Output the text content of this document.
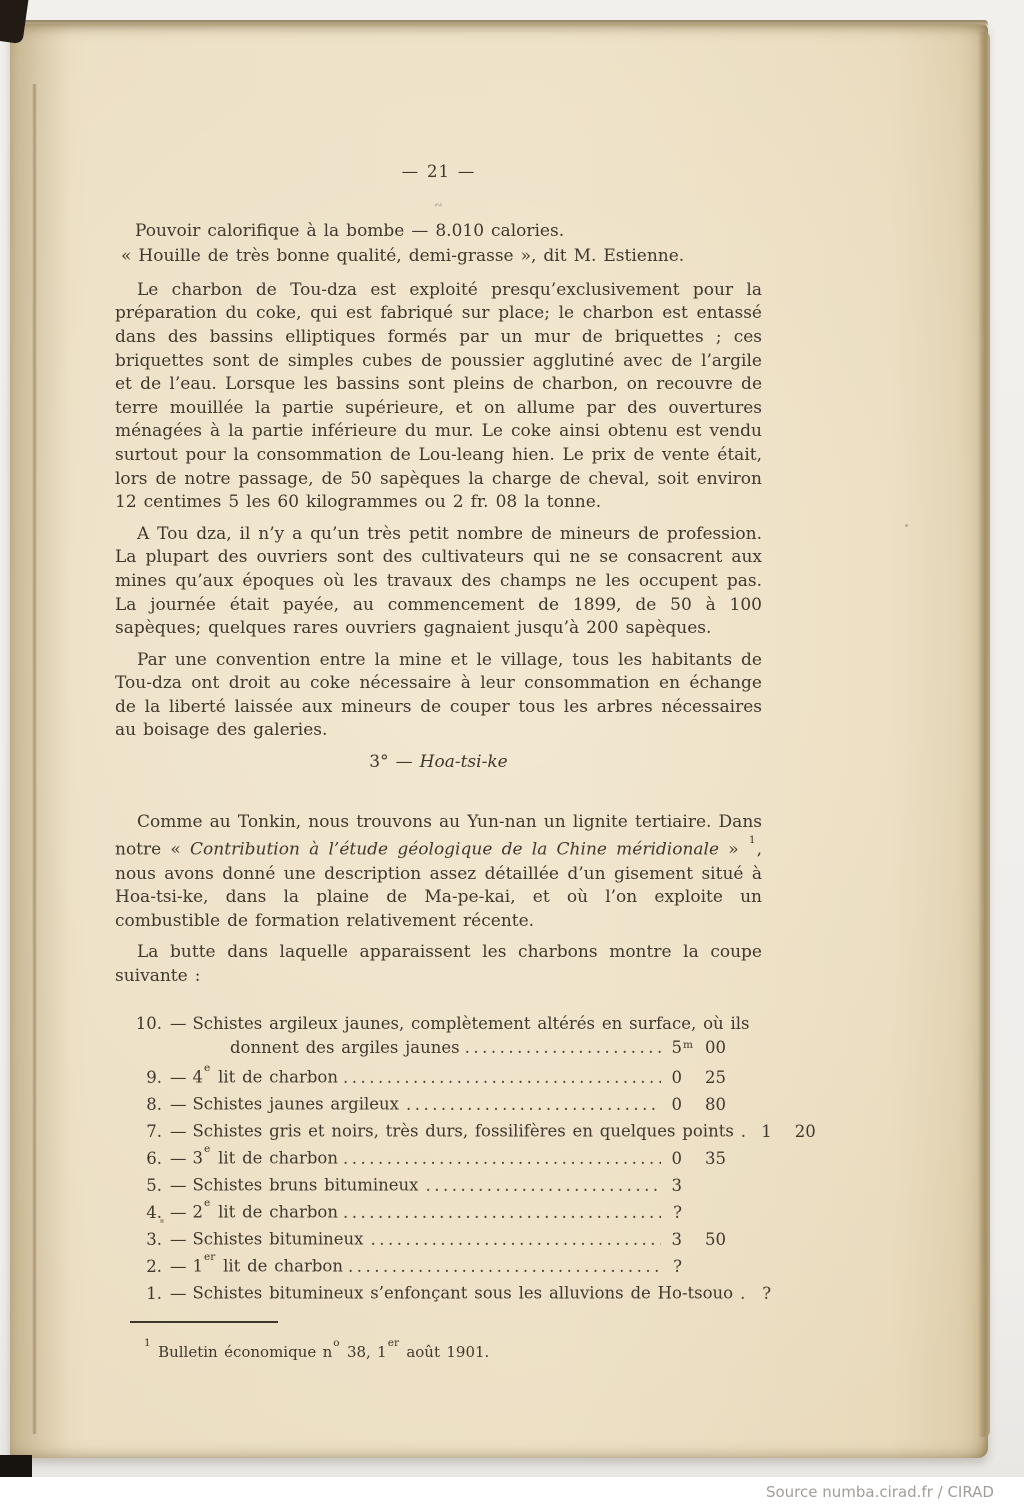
— 21 —
∾

Pouvoir calorifique à la bombe — 8.010 calories.

« Houille de très bonne qualité, demi-grasse », dit M. Estienne.

Le charbon de Tou-dza est exploité presqu’exclusivement pour la préparation du coke, qui est fabriqué sur place; le charbon est entassé dans des bassins elliptiques formés par un mur de briquettes ; ces briquettes sont de simples cubes de poussier agglutiné avec de l’argile et de l’eau. Lorsque les bassins sont pleins de charbon, on recouvre de terre mouillée la partie supérieure, et on allume par des ouvertures ménagées à la partie inférieure du mur. Le coke ainsi obtenu est vendu surtout pour la consommation de Lou-leang hien. Le prix de vente était, lors de notre passage, de 50 sapèques la charge de cheval, soit environ 12 centimes 5 les 60 kilogrammes ou 2 fr. 08 la tonne.

A Tou dza, il n’y a qu’un très petit nombre de mineurs de profession. La plupart des ouvriers sont des cultivateurs qui ne se consacrent aux mines qu’aux époques où les travaux des champs ne les occupent pas. La journée était payée, au commencement de 1899, de 50 à 100 sapèques; quelques rares ouvriers gagnaient jusqu’à 200 sapèques.

Par une convention entre la mine et le village, tous les habitants de Tou-dza ont droit au coke nécessaire à leur consommation en échange de la liberté laissée aux mineurs de couper tous les arbres nécessaires au boisage des galeries.

3° — Hoa-tsi-ke

Comme au Tonkin, nous trouvons au Yun-nan un lignite tertiaire. Dans notre « Contribution à l’étude géologique de la Chine méridionale » $^1$, nous avons donné une description assez détaillée d’un gisement situé à Hoa-tsi-ke, dans la plaine de Ma-pe-kai, et où l’on exploite un combustible de formation relativement récente.

La butte dans laquelle apparaissent les charbons montre la coupe suivante :

10. — Schistes argileux jaunes, complètement altérés en surface, où ils
donnent des argiles jaunes .....	5$^m$ 00
9. — 4e lit de charbon .....	0	25
8. — Schistes jaunes argileux .....	0	80
7. — Schistes gris et noirs, très durs, fossilifères en quelques points .....	1	20
6. — 3e lit de charbon .....	0	35
5. — Schistes bruns bitumineux .....	3
4. — 2e lit de charbon .....	?
3. — Schistes bitumineux .....	3	50
2. — 1er lit de charbon .....	?
1. — Schistes bitumineux s’enfonçant sous les alluvions de Ho-tsouo .....	?
$^1$ Bulletin économique $n^o$ 38, 1er août 1901.
Source numba.cirad.fr / CIRAD
